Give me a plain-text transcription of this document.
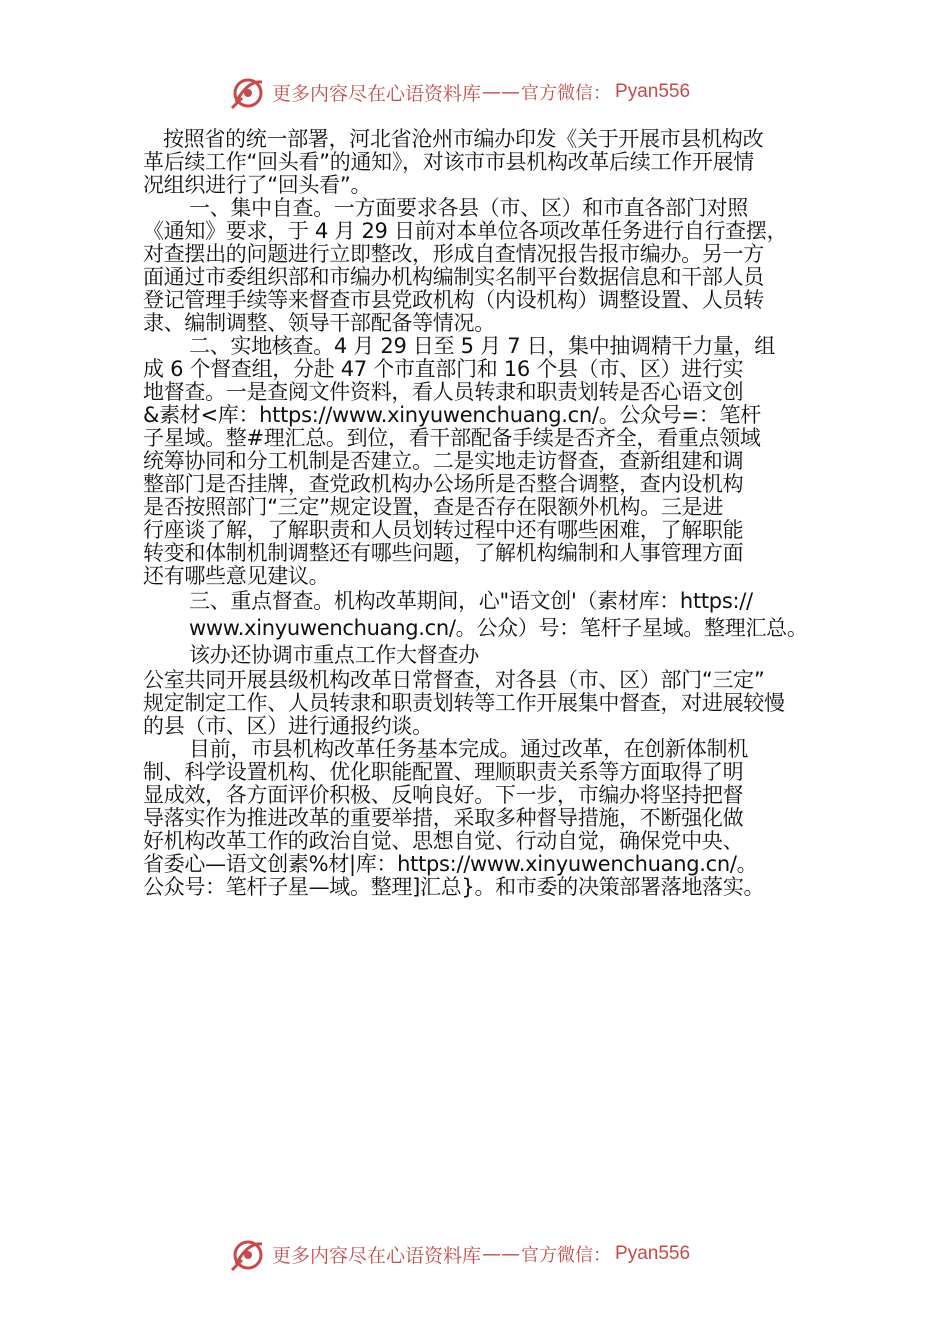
更多内容尽在心语资料库 —— 官方微信： Pyan556

按照省的统一部署，河北省沧州市编办印发《关于开展市县机构改
革后续工作“回头看”的通知》，对该市市县机构改革后续工作开展情
况组织进行了“回头看”。

一、集中自查。一方面要求各县（市、区）和市直各部门对照
《通知》要求，于 4 月 29 日前对本单位各项改革任务进行自行查摆，
对查摆出的问题进行立即整改，形成自查情况报告报市编办。另一方
面通过市委组织部和市编办机构编制实名制平台数据信息和干部人员
登记管理手续等来督查市县党政机构（内设机构）调整设置、人员转
隶、编制调整、领导干部配备等情况。

二、实地核查。4 月 29 日至 5 月 7 日，集中抽调精干力量，组
成 6 个督查组，分赴 47 个市直部门和 16 个县（市、区）进行实
地督查。一是查阅文件资料，看人员转隶和职责划转是否心语文创
&素材<库：https://www.xinyuwenchuang.cn/。公众号=：笔杆
子星域。整#理汇总。到位，看干部配备手续是否齐全，看重点领域
统筹协同和分工机制是否建立。二是实地走访督查，查新组建和调
整部门是否挂牌，查党政机构办公场所是否整合调整，查内设机构
是否按照部门“三定”规定设置，查是否存在限额外机构。三是进
行座谈了解，了解职责和人员划转过程中还有哪些困难，了解职能
转变和体制机制调整还有哪些问题，了解机构编制和人事管理方面
还有哪些意见建议。

三、重点督查。机构改革期间，心"语文创'（素材库：https://
www.xinyuwenchuang.cn/。公众）号：笔杆子星域。整理汇总。
该办还协调市重点工作大督查办

公室共同开展县级机构改革日常督查，对各县（市、区）部门“三定”
规定制定工作、人员转隶和职责划转等工作开展集中督查，对进展较慢
的县（市、区）进行通报约谈。

目前，市县机构改革任务基本完成。通过改革，在创新体制机
制、科学设置机构、优化职能配置、理顺职责关系等方面取得了明
显成效，各方面评价积极、反响良好。下一步，市编办将坚持把督
导落实作为推进改革的重要举措，采取多种督导措施，不断强化做
好机构改革工作的政治自觉、思想自觉、行动自觉，确保党中央、
省委心—语文创素%材|库：https://www.xinyuwenchuang.cn/。
公众号：笔杆子星—域。整理]汇总}。和市委的决策部署落地落实。

更多内容尽在心语资料库 —— 官方微信： Pyan556
